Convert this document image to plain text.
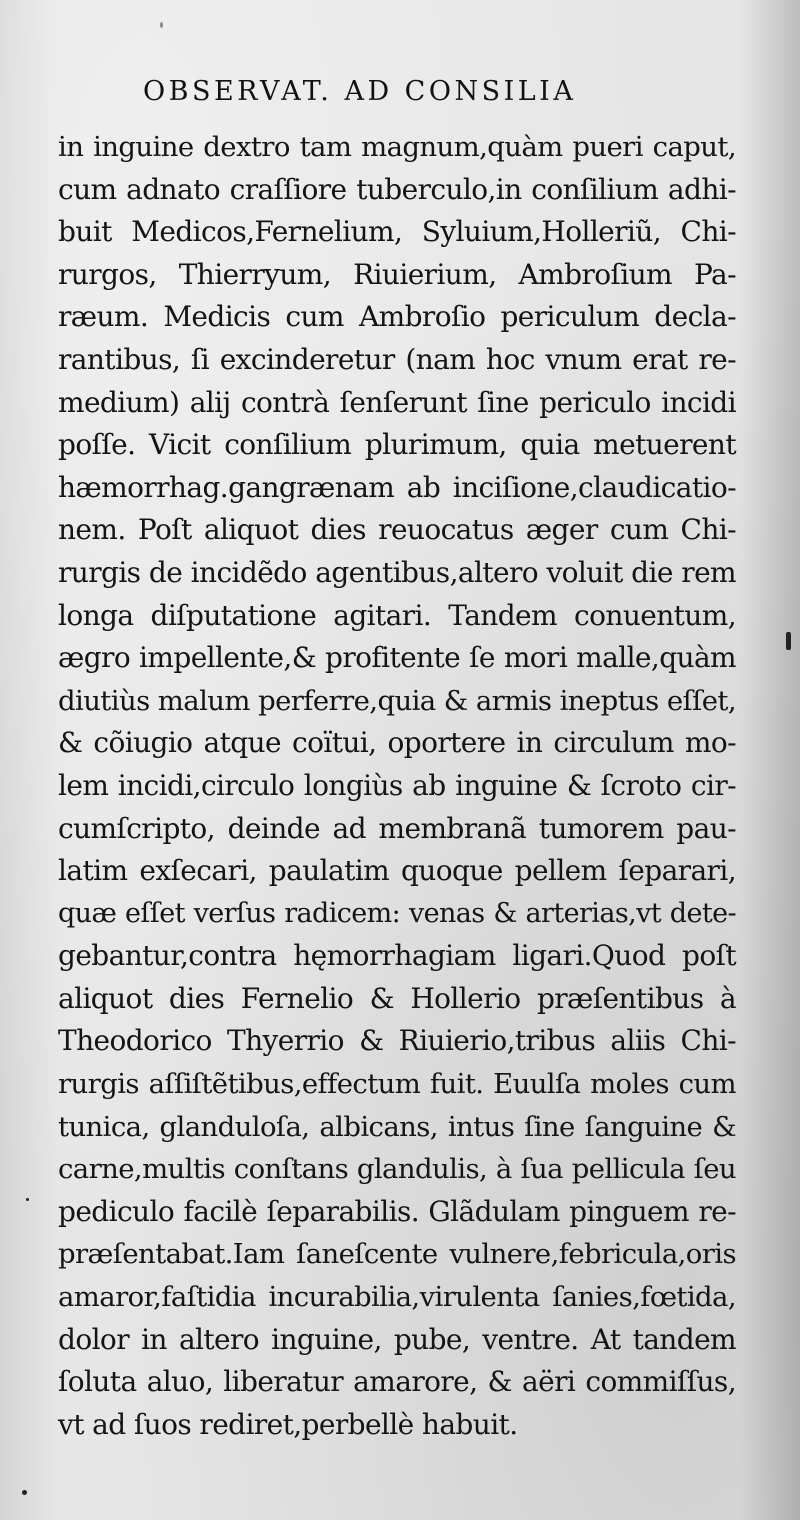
OBSERVAT. AD CONSILIA
in inguine dextro tam magnum,quàm pueri caput,
cum adnato craſſiore tuberculo,in conſilium adhi-
buit Medicos,Fernelium, Syluium,Holleriũ, Chi-
rurgos, Thierryum, Riuierium, Ambroſium Pa-
ræum. Medicis cum Ambroſio periculum decla-
rantibus, ſi excinderetur (nam hoc vnum erat re-
medium) alij contrà ſenſerunt ſine periculo incidi
poſſe. Vicit conſilium plurimum, quia metuerent
hæmorrhag.gangrænam ab inciſione,claudicatio-
nem. Poſt aliquot dies reuocatus æger cum Chi-
rurgis de incidẽdo agentibus,altero voluit die rem
longa diſputatione agitari. Tandem conuentum,
ægro impellente,& profitente ſe mori malle,quàm
diutiùs malum perferre,quia & armis ineptus eſſet,
& cõiugio atque coïtui, oportere in circulum mo-
lem incidi,circulo longiùs ab inguine & ſcroto cir-
cumſcripto, deinde ad membranã tumorem pau-
latim exſecari, paulatim quoque pellem ſeparari,
quæ eſſet verſus radicem: venas & arterias,vt dete-
gebantur,contra hęmorrhagiam ligari.Quod poſt
aliquot dies Fernelio & Hollerio præſentibus à
Theodorico Thyerrio & Riuierio,tribus aliis Chi-
rurgis aſſiſtẽtibus,effectum fuit. Euulſa moles cum
tunica, glanduloſa, albicans, intus ſine ſanguine &
carne,multis conſtans glandulis, à ſua pellicula ſeu
pediculo facilè ſeparabilis. Glãdulam pinguem re-
præſentabat.Iam ſaneſcente vulnere,febricula,oris
amaror,faſtidia incurabilia,virulenta ſanies,fœtida,
dolor in altero inguine, pube, ventre. At tandem
ſoluta aluo, liberatur amarore, & aëri commiſſus,
vt ad ſuos rediret,perbellè habuit.
